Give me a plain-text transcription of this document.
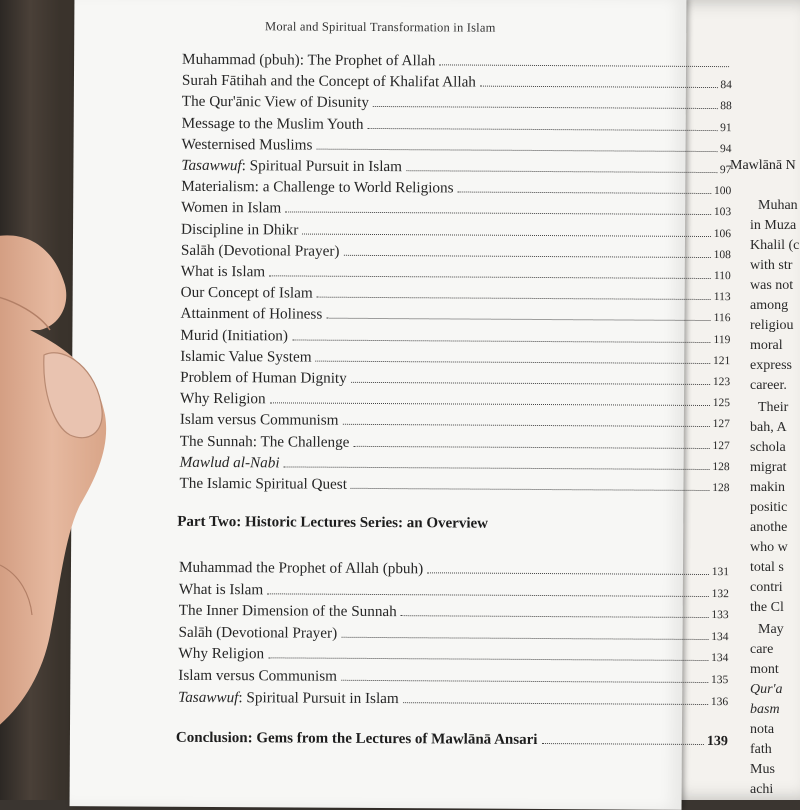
Mawlānā N
Muhan
in Muza
Khalil (c
with str
was not
among
religiou
moral
express
career.
Their
bah, A
schola
migrat
makin
positic
anothe
who w
total s
contri
the Cl
May
care
mont
Qur'a
basm
nota
fath
Mus
achi
Moral and Spiritual Transformation in Islam
Muhammad (pbuh): The Prophet of Allah
Surah Fātihah and the Concept of Khalifat Allah	84
The Qur'ānic View of Disunity	88
Message to the Muslim Youth	91
Westernised Muslims	94
Tasawwuf: Spiritual Pursuit in Islam	97
Materialism: a Challenge to World Religions	100
Women in Islam	103
Discipline in Dhikr	106
Salāh (Devotional Prayer)	108
What is Islam	110
Our Concept of Islam	113
Attainment of Holiness	116
Murid (Initiation)	119
Islamic Value System	121
Problem of Human Dignity	123
Why Religion	125
Islam versus Communism	127
The Sunnah: The Challenge	127
Mawlud al-Nabi	128
The Islamic Spiritual Quest	128
Part Two: Historic Lectures Series: an Overview
Muhammad the Prophet of Allah (pbuh)	131
What is Islam	132
The Inner Dimension of the Sunnah	133
Salāh (Devotional Prayer)	134
Why Religion	134
Islam versus Communism	135
Tasawwuf: Spiritual Pursuit in Islam	136
Conclusion: Gems from the Lectures of Mawlānā Ansari	139
